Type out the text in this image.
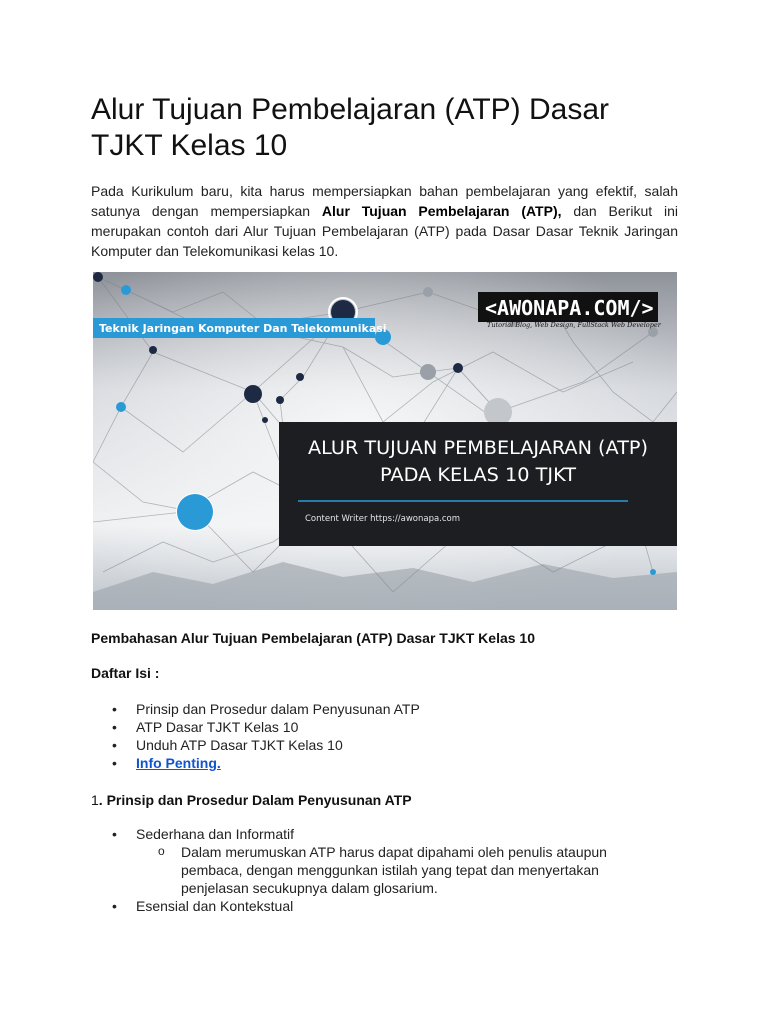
Alur Tujuan Pembelajaran (ATP) Dasar TJKT Kelas 10

Pada Kurikulum baru, kita harus mempersiapkan bahan pembelajaran yang efektif, salah satunya dengan mempersiapkan Alur Tujuan Pembelajaran (ATP), dan Berikut ini merupakan contoh dari Alur Tujuan Pembelajaran (ATP) pada Dasar Dasar Teknik Jaringan Komputer dan Telekomunikasi kelas 10.

Teknik Jaringan Komputer Dan Telekomunikasi
<AWONAPA.COM/>
Tutorial Blog, Web Design, FullStack Web Developer
ALUR TUJUAN PEMBELAJARAN (ATP)
PADA KELAS 10 TJKT
Content Writer https://awonapa.com
Pembahasan Alur Tujuan Pembelajaran (ATP) Dasar TJKT Kelas 10
Daftar Isi :
• Prinsip dan Prosedur dalam Penyusunan ATP
• ATP Dasar TJKT Kelas 10
• Unduh ATP Dasar TJKT Kelas 10
• Info Penting.
1. Prinsip dan Prosedur Dalam Penyusunan ATP
• Sederhana dan Informatif
o Dalam merumuskan ATP harus dapat dipahami oleh penulis ataupun pembaca, dengan menggunkan istilah yang tepat dan menyertakan penjelasan secukupnya dalam glosarium.
• Esensial dan Kontekstual
